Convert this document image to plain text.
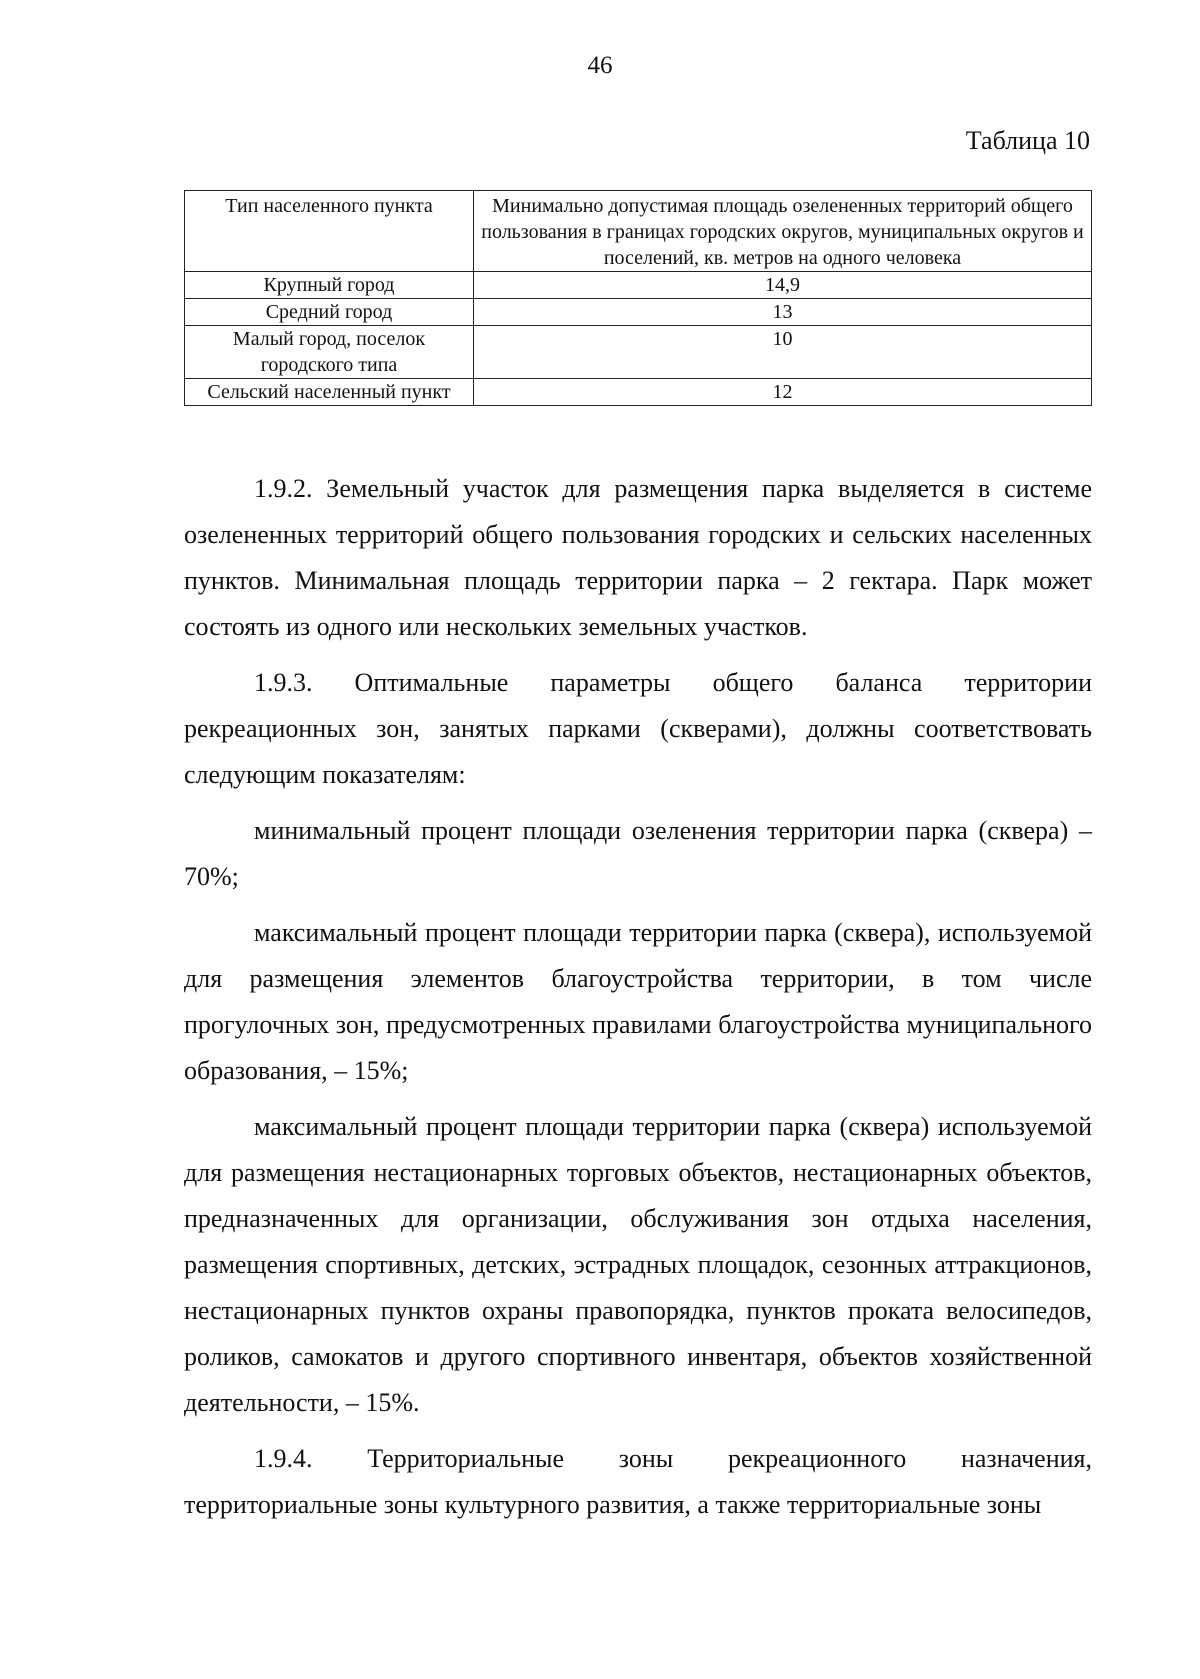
46
Таблица 10
Тип населенного пункта	Минимально допустимая площадь озелененных территорий общего пользования в границах городских округов, муниципальных округов и поселений, кв. метров на одного человека
Крупный город	14,9
Средний город	13
Малый город, поселок городского типа	10
Сельский населенный пункт	12

1.9.2. Земельный участок для размещения парка выделяется в системе озелененных территорий общего пользования городских и сельских населенных пунктов. Минимальная площадь территории парка – 2 гектара. Парк может состоять из одного или нескольких земельных участков.

1.9.3. Оптимальные параметры общего баланса территории рекреационных зон, занятых парками (скверами), должны соответствовать следующим показателям:

минимальный процент площади озеленения территории парка (сквера) – 70%;

максимальный процент площади территории парка (сквера), используемой для размещения элементов благоустройства территории, в том числе прогулочных зон, предусмотренных правилами благоустройства муниципального образования, – 15%;

максимальный процент площади территории парка (сквера) используемой для размещения нестационарных торговых объектов, нестационарных объектов, предназначенных для организации, обслуживания зон отдыха населения, размещения спортивных, детских, эстрадных площадок, сезонных аттракционов, нестационарных пунктов охраны правопорядка, пунктов проката велосипедов, роликов, самокатов и другого спортивного инвентаря, объектов хозяйственной деятельности, – 15%.

1.9.4. Территориальные зоны рекреационного назначения, территориальные зоны культурного развития, а также территориальные зоны
